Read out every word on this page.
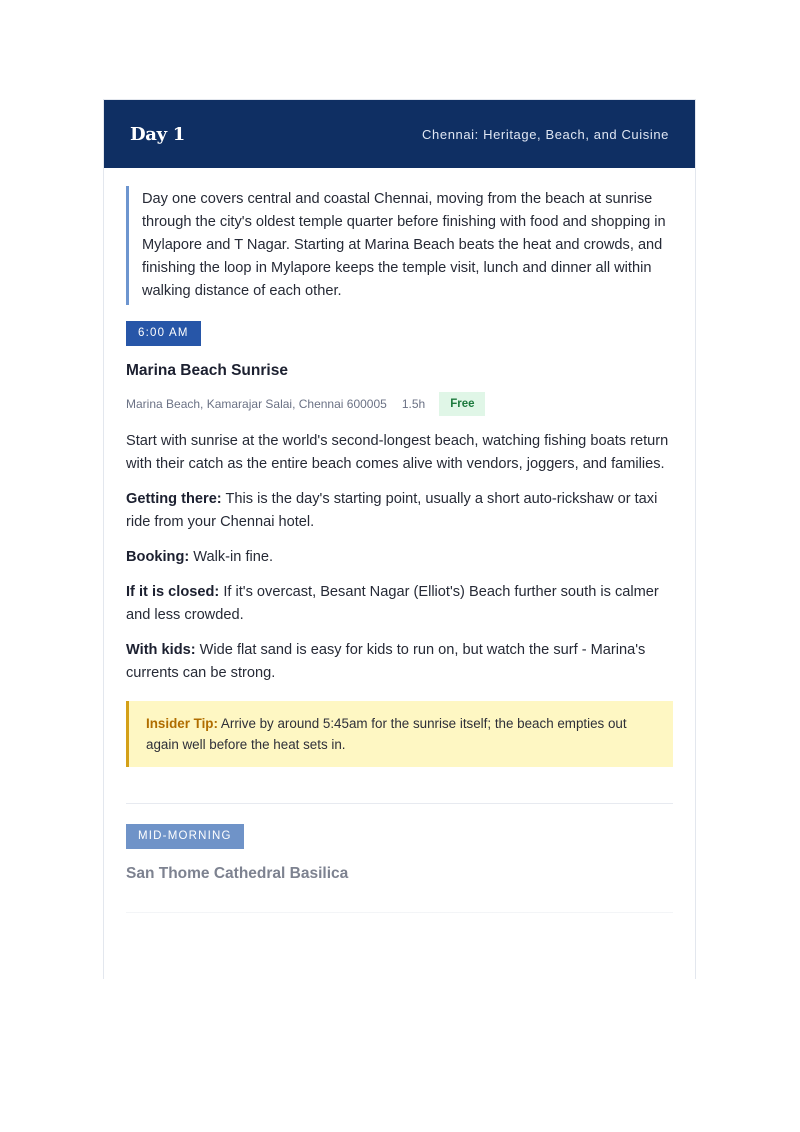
Day 1	Chennai: Heritage, Beach, and Cuisine
Day one covers central and coastal Chennai, moving from the beach at sunrise through the city's oldest temple quarter before finishing with food and shopping in Mylapore and T Nagar. Starting at Marina Beach beats the heat and crowds, and finishing the loop in Mylapore keeps the temple visit, lunch and dinner all within walking distance of each other.
6:00 AM
Marina Beach Sunrise
Marina Beach, Kamarajar Salai, Chennai 600005 1.5h	Free
Start with sunrise at the world's second-longest beach, watching fishing boats return with their catch as the entire beach comes alive with vendors, joggers, and families.
Getting there: This is the day's starting point, usually a short auto-rickshaw or taxi ride from your Chennai hotel.
Booking: Walk-in fine.
If it is closed: If it's overcast, Besant Nagar (Elliot's) Beach further south is calmer and less crowded.
With kids: Wide flat sand is easy for kids to run on, but watch the surf - Marina's currents can be strong.
Insider Tip: Arrive by around 5:45am for the sunrise itself; the beach empties out again well before the heat sets in.
MID-MORNING
San Thome Cathedral Basilica
